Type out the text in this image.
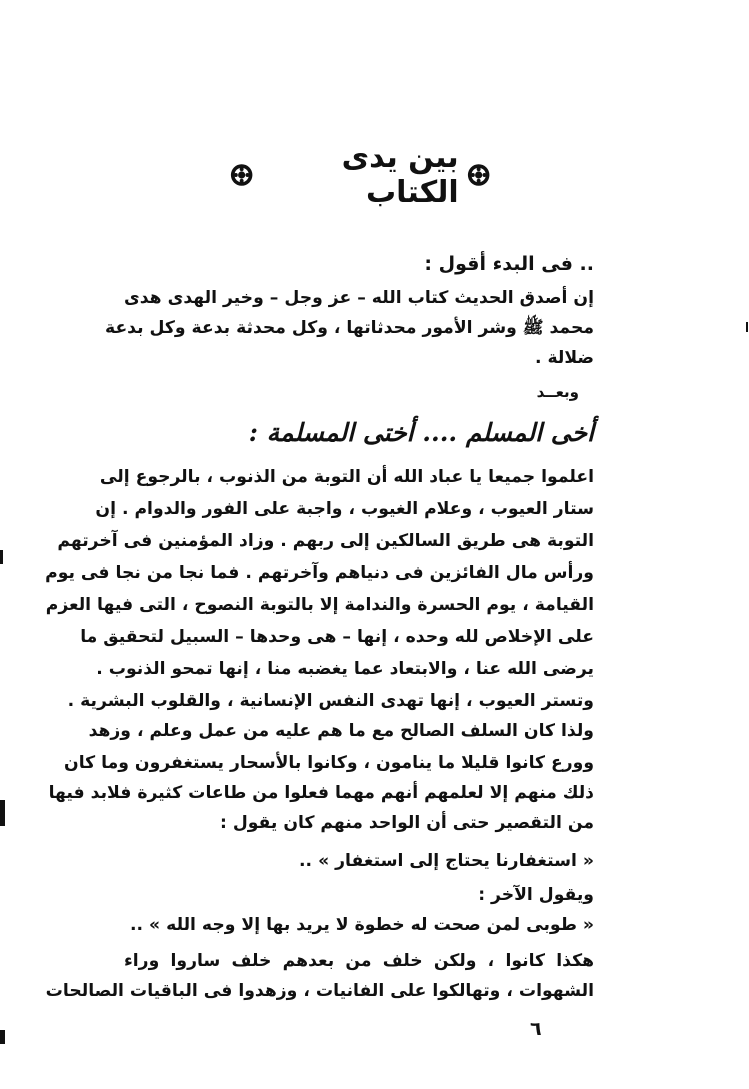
بين يدى الكتاب
.. فى البدء أقول :
إن أصدق الحديث كتاب الله – عز وجل – وخير الهدى هدى
محمد ﷺ وشر الأمور محدثاتها ، وكل محدثة بدعة وكل بدعة
ضلالة .
وبعــد
أخى المسلم .... أختى المسلمة :
اعلموا جميعا يا عباد الله أن التوبة من الذنوب ، بالرجوع إلى
ستار العيوب ، وعلام الغيوب ، واجبة على الفور والدوام . إن
التوبة هى طريق السالكين إلى ربهم . وزاد المؤمنين فى آخرتهم
ورأس مال الفائزين فى دنياهم وآخرتهم . فما نجا من نجا فى يوم
القيامة ، يوم الحسرة والندامة إلا بالتوبة النصوح ، التى فيها العزم
على الإخلاص لله وحده ، إنها – هى وحدها – السبيل لتحقيق ما
يرضى الله عنا ، والابتعاد عما يغضبه منا ، إنها تمحو الذنوب .
وتستر العيوب ، إنها تهدى النفس الإنسانية ، والقلوب البشرية .
ولذا كان السلف الصالح مع ما هم عليه من عمل وعلم ، وزهد
وورع كانوا قليلا ما ينامون ، وكانوا بالأسحار يستغفرون وما كان
ذلك منهم إلا لعلمهم أنهم مهما فعلوا من طاعات كثيرة فلابد فيها
من التقصير حتى أن الواحد منهم كان يقول :
« استغفارنا يحتاج إلى استغفار » ..
ويقول الآخر :
« طوبى لمن صحت له خطوة لا يريد بها إلا وجه الله » ..
هكذا كانوا ، ولكن خلف من بعدهم خلف ساروا وراء
الشهوات ، وتهالكوا على الفانيات ، وزهدوا فى الباقيات الصالحات
٦
